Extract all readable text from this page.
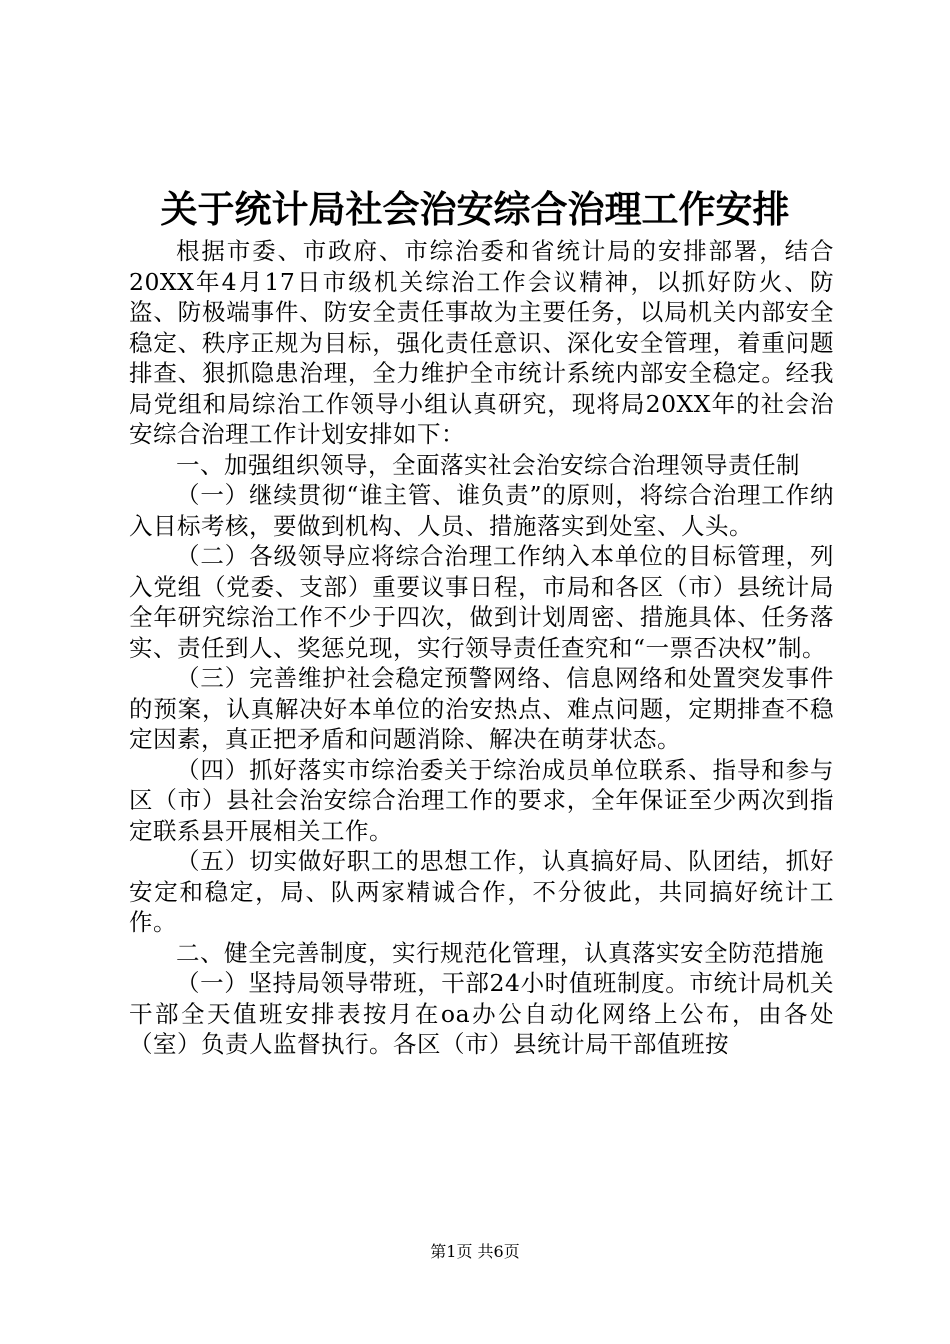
关于统计局社会治安综合治理工作安排

根据市委、市政府、市综治委和省统计局的安排部署，结合20XX年4月17日市级机关综治工作会议精神，以抓好防火、防盗、防极端事件、防安全责任事故为主要任务，以局机关内部安全稳定、秩序正规为目标，强化责任意识、深化安全管理，着重问题排查、狠抓隐患治理，全力维护全市统计系统内部安全稳定。经我局党组和局综治工作领导小组认真研究，现将局20XX年的社会治安综合治理工作计划安排如下：

一、加强组织领导，全面落实社会治安综合治理领导责任制

（一）继续贯彻“谁主管、谁负责”的原则，将综合治理工作纳入目标考核，要做到机构、人员、措施落实到处室、人头。

（二）各级领导应将综合治理工作纳入本单位的目标管理，列入党组（党委、支部）重要议事日程，市局和各区（市）县统计局全年研究综治工作不少于四次，做到计划周密、措施具体、任务落实、责任到人、奖惩兑现，实行领导责任查究和“一票否决权”制。

（三）完善维护社会稳定预警网络、信息网络和处置突发事件的预案，认真解决好本单位的治安热点、难点问题，定期排查不稳定因素，真正把矛盾和问题消除、解决在萌芽状态。

（四）抓好落实市综治委关于综治成员单位联系、指导和参与区（市）县社会治安综合治理工作的要求，全年保证至少两次到指定联系县开展相关工作。

（五）切实做好职工的思想工作，认真搞好局、队团结，抓好安定和稳定，局、队两家精诚合作，不分彼此，共同搞好统计工作。

二、健全完善制度，实行规范化管理，认真落实安全防范措施

（一）坚持局领导带班，干部24小时值班制度。市统计局机关干部全天值班安排表按月在oa办公自动化网络上公布，由各处（室）负责人监督执行。各区（市）县统计局干部值班按

第1页 共6页
